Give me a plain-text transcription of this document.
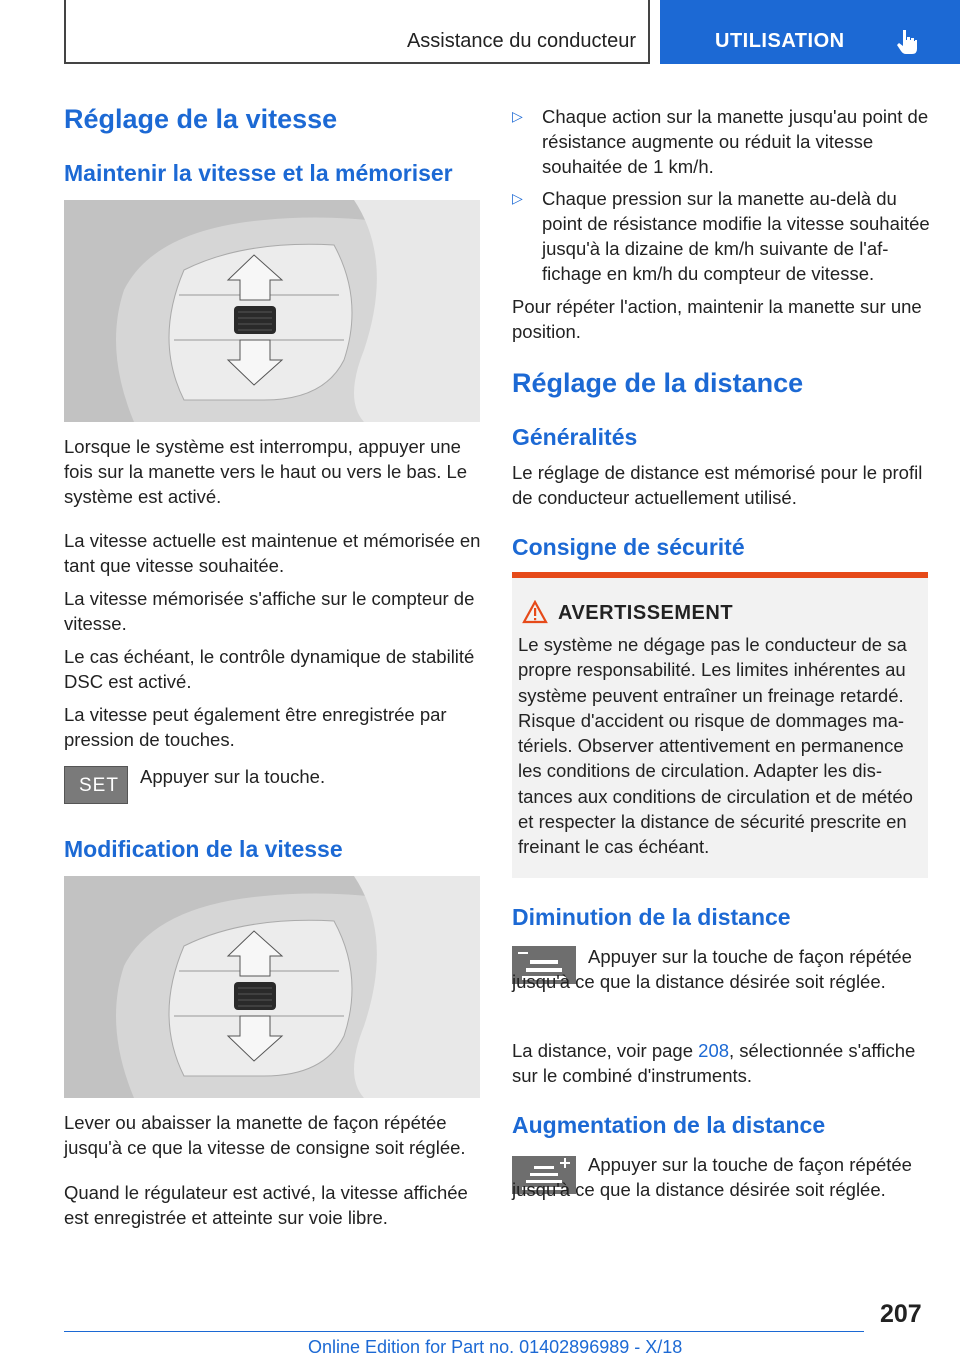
Assistance du conducteur	UTILISATION
Réglage de la vitesse
Maintenir la vitesse et la mémoriser

Lorsque le système est interrompu, appuyer une fois sur la manette vers le haut ou vers le bas. Le système est activé.

La vitesse actuelle est maintenue et mémorisée en tant que vitesse souhaitée.

La vitesse mémorisée s'affiche sur le compteur de vitesse.

Le cas échéant, le contrôle dynamique de stabilité DSC est activé.

La vitesse peut également être enregistrée par pression de touches.

SET Appuyer sur la touche.

Modification de la vitesse

Lever ou abaisser la manette de façon répétée jusqu'à ce que la vitesse de consigne soit réglée.

Quand le régulateur est activé, la vitesse affichée est enregistrée et atteinte sur voie libre.

▷ Chaque action sur la manette jusqu'au point de résistance augmente ou réduit la vitesse souhaitée de 1 km/h.
▷ Chaque pression sur la manette au-delà du point de résistance modifie la vitesse souhaitée jusqu'à la dizaine de km/h suivante de l'affichage en km/h du compteur de vitesse.

Pour répéter l'action, maintenir la manette sur une position.

Réglage de la distance
Généralités

Le réglage de distance est mémorisé pour le profil de conducteur actuellement utilisé.

Consigne de sécurité
AVERTISSEMENT

Le système ne dégage pas le conducteur de sa propre responsabilité. Les limites inhérentes au système peuvent entraîner un freinage retardé. Risque d'accident ou risque de dommages matériels. Observer attentivement en permanence les conditions de circulation. Adapter les distances aux conditions de circulation et de météo et respecter la distance de sécurité prescrite en freinant le cas échéant.

Diminution de la distance

Appuyer sur la touche de façon répétée jusqu'à ce que la distance désirée soit réglée.

La distance, voir page 208, sélectionnée s'affiche sur le combiné d'instruments.

Augmentation de la distance

Appuyer sur la touche de façon répétée jusqu'à ce que la distance désirée soit réglée.

207
Online Edition for Part no. 01402896989 - X/18
